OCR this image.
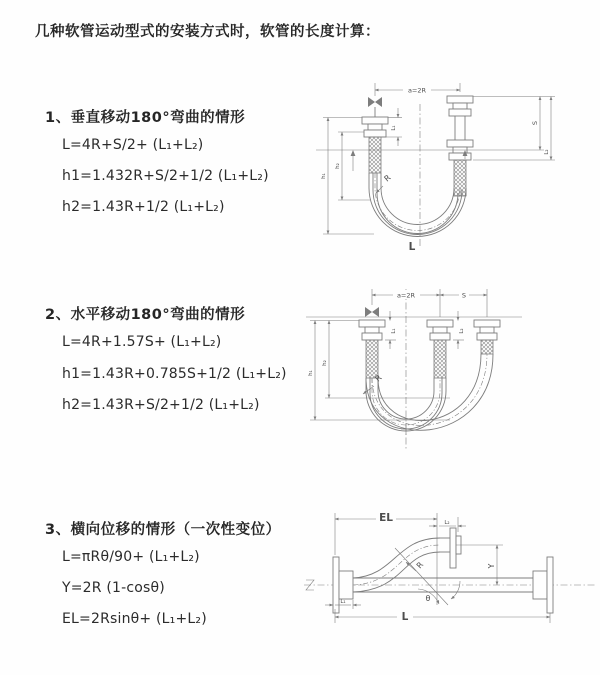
几种软管运动型式的安装方式时，软管的长度计算：
1、垂直移动180°弯曲的情形
L=4R+S/2+ (L₁+L₂)
h1=1.432R+S/2+1/2 (L₁+L₂)
h2=1.43R+1/2 (L₁+L₂)
2、水平移动180°弯曲的情形
L=4R+1.57S+ (L₁+L₂)
h1=1.43R+0.785S+1/2 (L₁+L₂)
h2=1.43R+S/2+1/2 (L₁+L₂)
3、横向位移的情形（一次性变位）
L=πRθ/90+ (L₁+L₂)
Y=2R (1-cosθ)
EL=2Rsinθ+ (L₁+L₂)
a=2R
h₁
h₂
L₁
S
L₂
R
L
a=2R	S
h₁
h₂
L₁	L₂
R
EL	L₂
Y
θ
R
L₁
L
